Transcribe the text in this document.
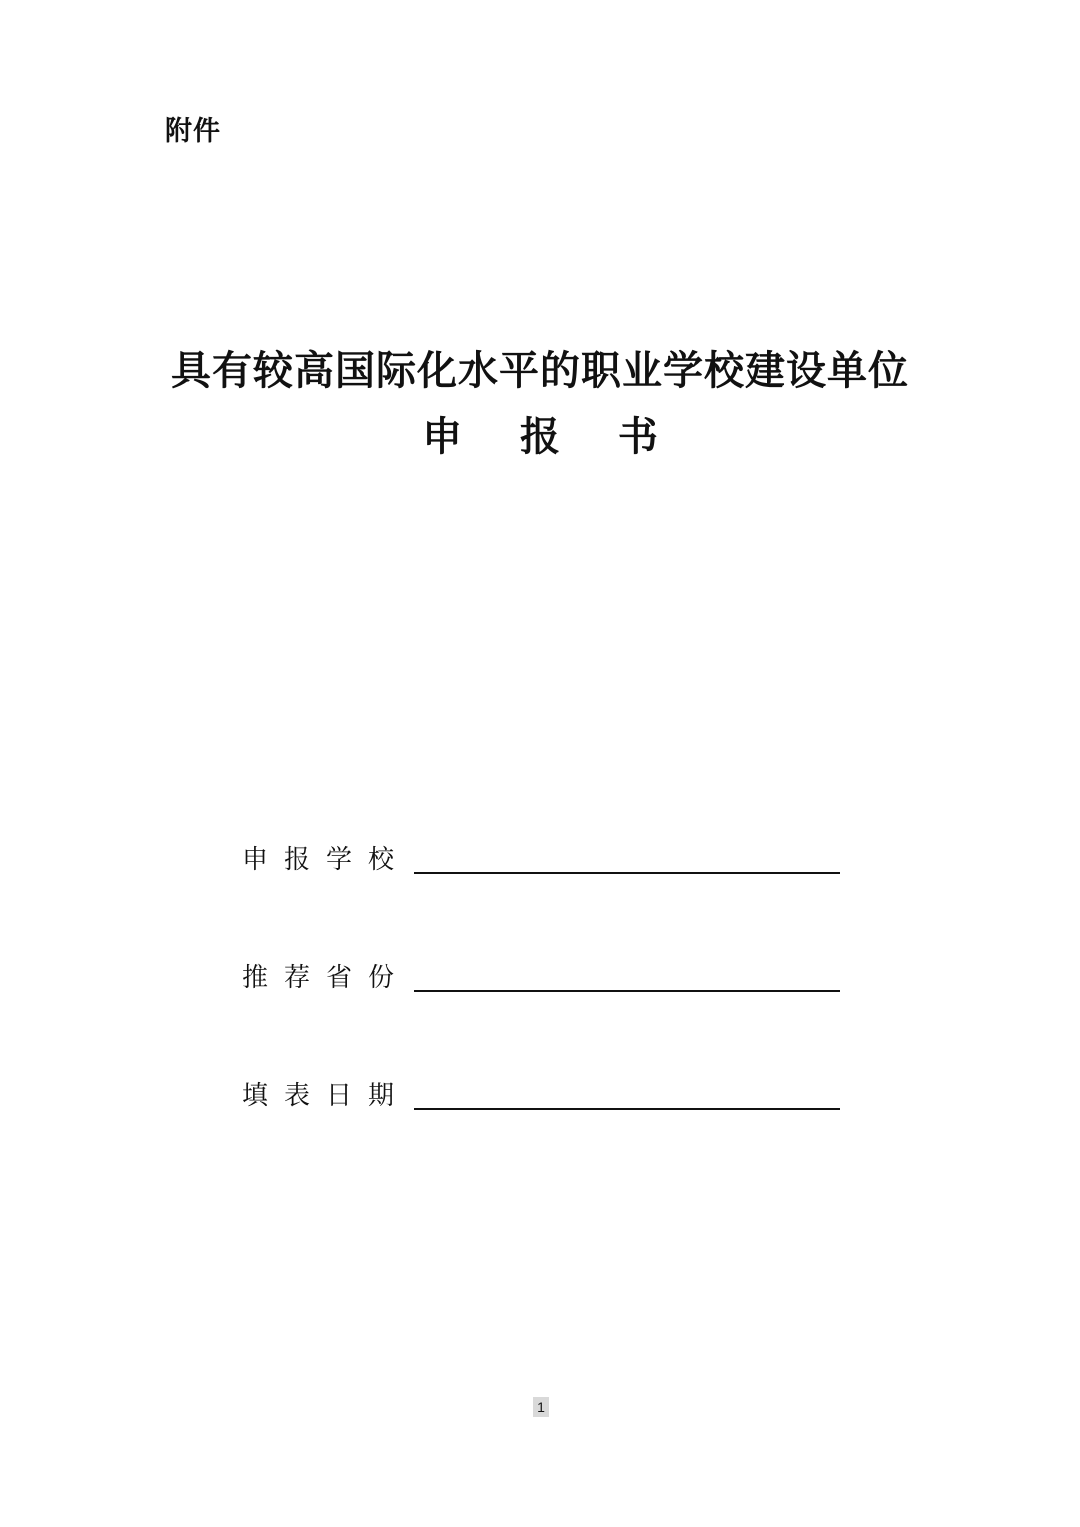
附件
具有较高国际化水平的职业学校建设单位
申 报 书
申报学校
推荐省份
填表日期
1
